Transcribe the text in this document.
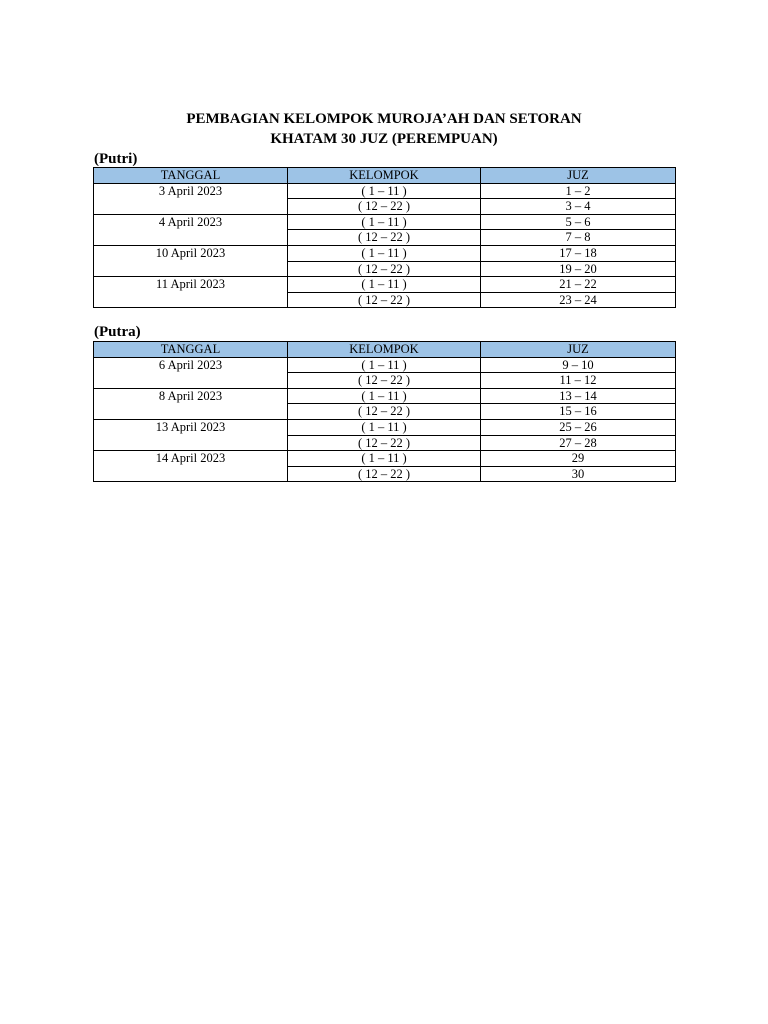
PEMBAGIAN KELOMPOK MUROJA’AH DAN SETORAN
KHATAM 30 JUZ (PEREMPUAN)
(Putri)
TANGGAL	KELOMPOK	JUZ
3 April 2023	( 1 – 11 )	1 – 2
	( 12 – 22 )	3 – 4
4 April 2023	( 1 – 11 )	5 – 6
	( 12 – 22 )	7 – 8
10 April 2023	( 1 – 11 )	17 – 18
	( 12 – 22 )	19 – 20
11 April 2023	( 1 – 11 )	21 – 22
	( 12 – 22 )	23 – 24
(Putra)
TANGGAL	KELOMPOK	JUZ
6 April 2023	( 1 – 11 )	9 – 10
	( 12 – 22 )	11 – 12
8 April 2023	( 1 – 11 )	13 – 14
	( 12 – 22 )	15 – 16
13 April 2023	( 1 – 11 )	25 – 26
	( 12 – 22 )	27 – 28
14 April 2023	( 1 – 11 )	29
	( 12 – 22 )	30
